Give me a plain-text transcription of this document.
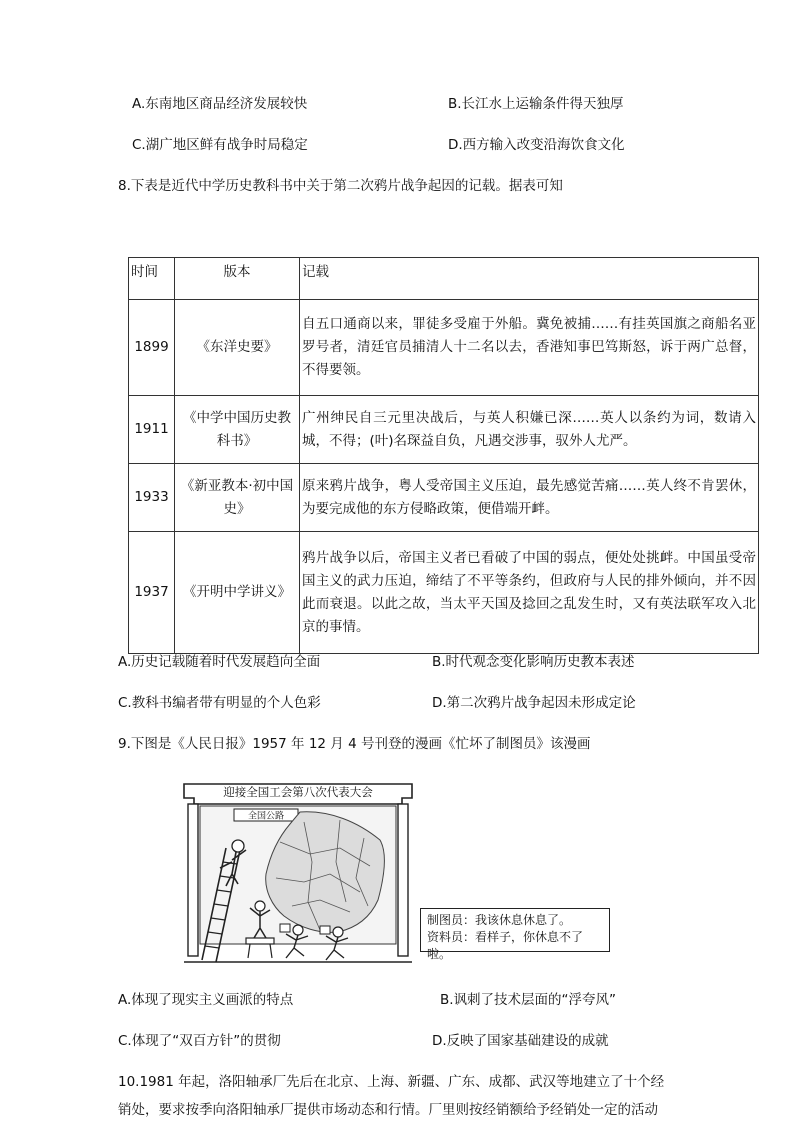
A.东南地区商品经济发展较快	B.长江水上运输条件得天独厚
C.湖广地区鲜有战争时局稳定	D.西方输入改变沿海饮食文化
8.下表是近代中学历史教科书中关于第二次鸦片战争起因的记载。据表可知
时间	版本	记载
1899	《东洋史要》	自五口通商以来，罪徒多受雇于外船。冀免被捕……有挂英国旗之商船名亚罗号者，清廷官员捕清人十二名以去，香港知事巴笃斯怒，诉于两广总督，不得要领。
1911	《中学中国历史教科书》	广州绅民自三元里决战后，与英人积嫌已深……英人以条约为词，数请入城，不得；(叶)名琛益自负，凡遇交涉事，驭外人尤严。
1933	《新亚教本·初中国史》	原来鸦片战争，粤人受帝国主义压迫，最先感觉苦痛……英人终不肯罢休，为要完成他的东方侵略政策，便借端开衅。
1937	《开明中学讲义》	鸦片战争以后，帝国主义者已看破了中国的弱点，便处处挑衅。中国虽受帝国主义的武力压迫，缔结了不平等条约，但政府与人民的排外倾向，并不因此而衰退。以此之故，当太平天国及捻回之乱发生时，又有英法联军攻入北京的事情。
A.历史记载随着时代发展趋向全面	B.时代观念变化影响历史教本表述
C.教科书编者带有明显的个人色彩	D.第二次鸦片战争起因未形成定论
9.下图是《人民日报》1957 年 12 月 4 号刊登的漫画《忙坏了制图员》该漫画
迎接全国工会第八次代表大会
全国公路
制图员：我该休息休息了。
资料员：看样子，你休息不了啦。
A.体现了现实主义画派的特点	B.讽刺了技术层面的“浮夸风”
C.体现了“双百方针”的贯彻	D.反映了国家基础建设的成就
10.1981 年起，洛阳轴承厂先后在北京、上海、新疆、广东、成都、武汉等地建立了十个经
销处，要求按季向洛阳轴承厂提供市场动态和行情。厂里则按经销额给予经销处一定的活动
